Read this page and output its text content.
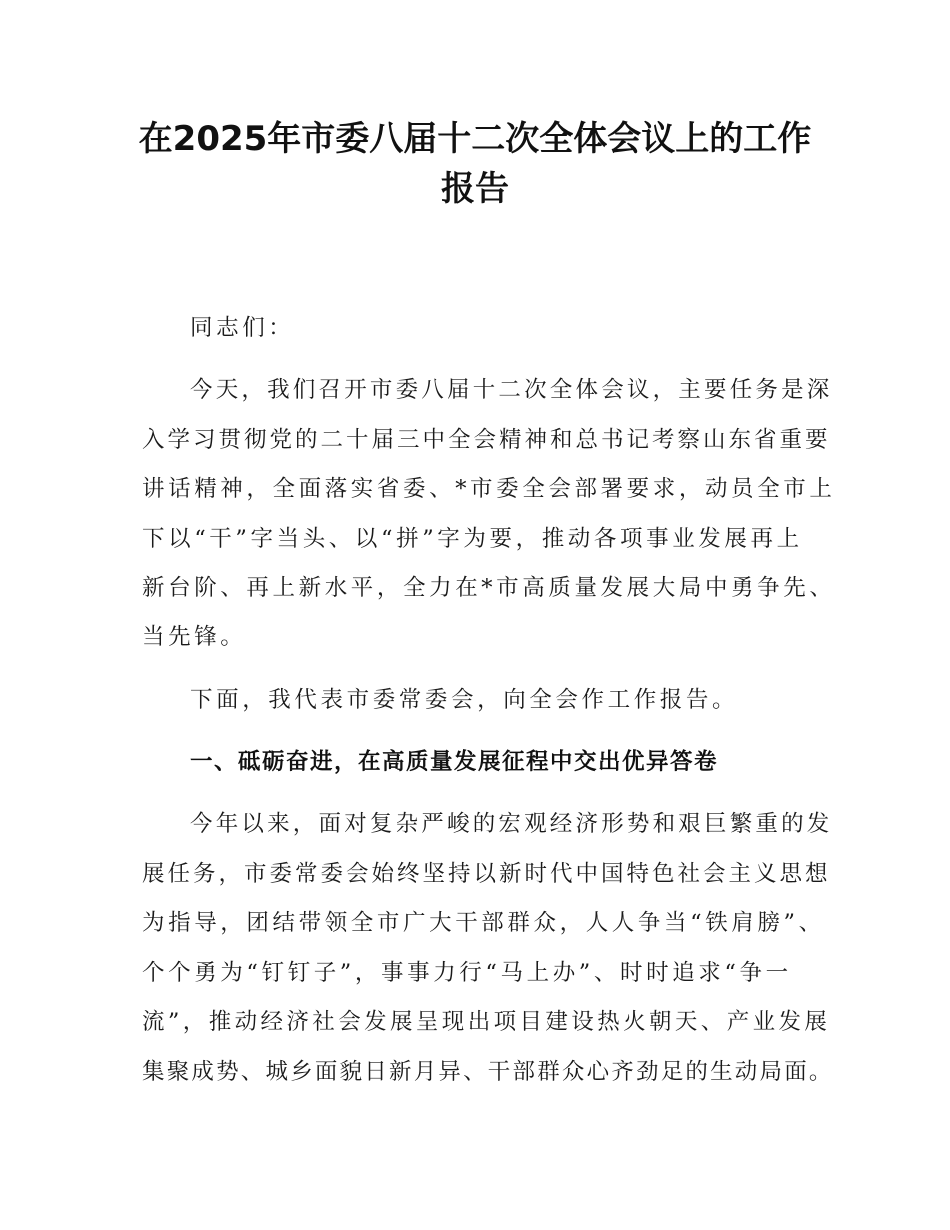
在2025年市委八届十二次全体会议上的工作
报告
同志们：
今天，我们召开市委八届十二次全体会议，主要任务是深
入学习贯彻党的二十届三中全会精神和总书记考察山东省重要
讲话精神，全面落实省委、*市委全会部署要求，动员全市上
下以“干”字当头、以“拼”字为要，推动各项事业发展再上
新台阶、再上新水平，全力在*市高质量发展大局中勇争先、
当先锋。
下面，我代表市委常委会，向全会作工作报告。
一、砥砺奋进，在高质量发展征程中交出优异答卷
今年以来，面对复杂严峻的宏观经济形势和艰巨繁重的发
展任务，市委常委会始终坚持以新时代中国特色社会主义思想
为指导，团结带领全市广大干部群众，人人争当“铁肩膀”、
个个勇为“钉钉子”，事事力行“马上办”、时时追求“争一
流”，推动经济社会发展呈现出项目建设热火朝天、产业发展
集聚成势、城乡面貌日新月异、干部群众心齐劲足的生动局面。
